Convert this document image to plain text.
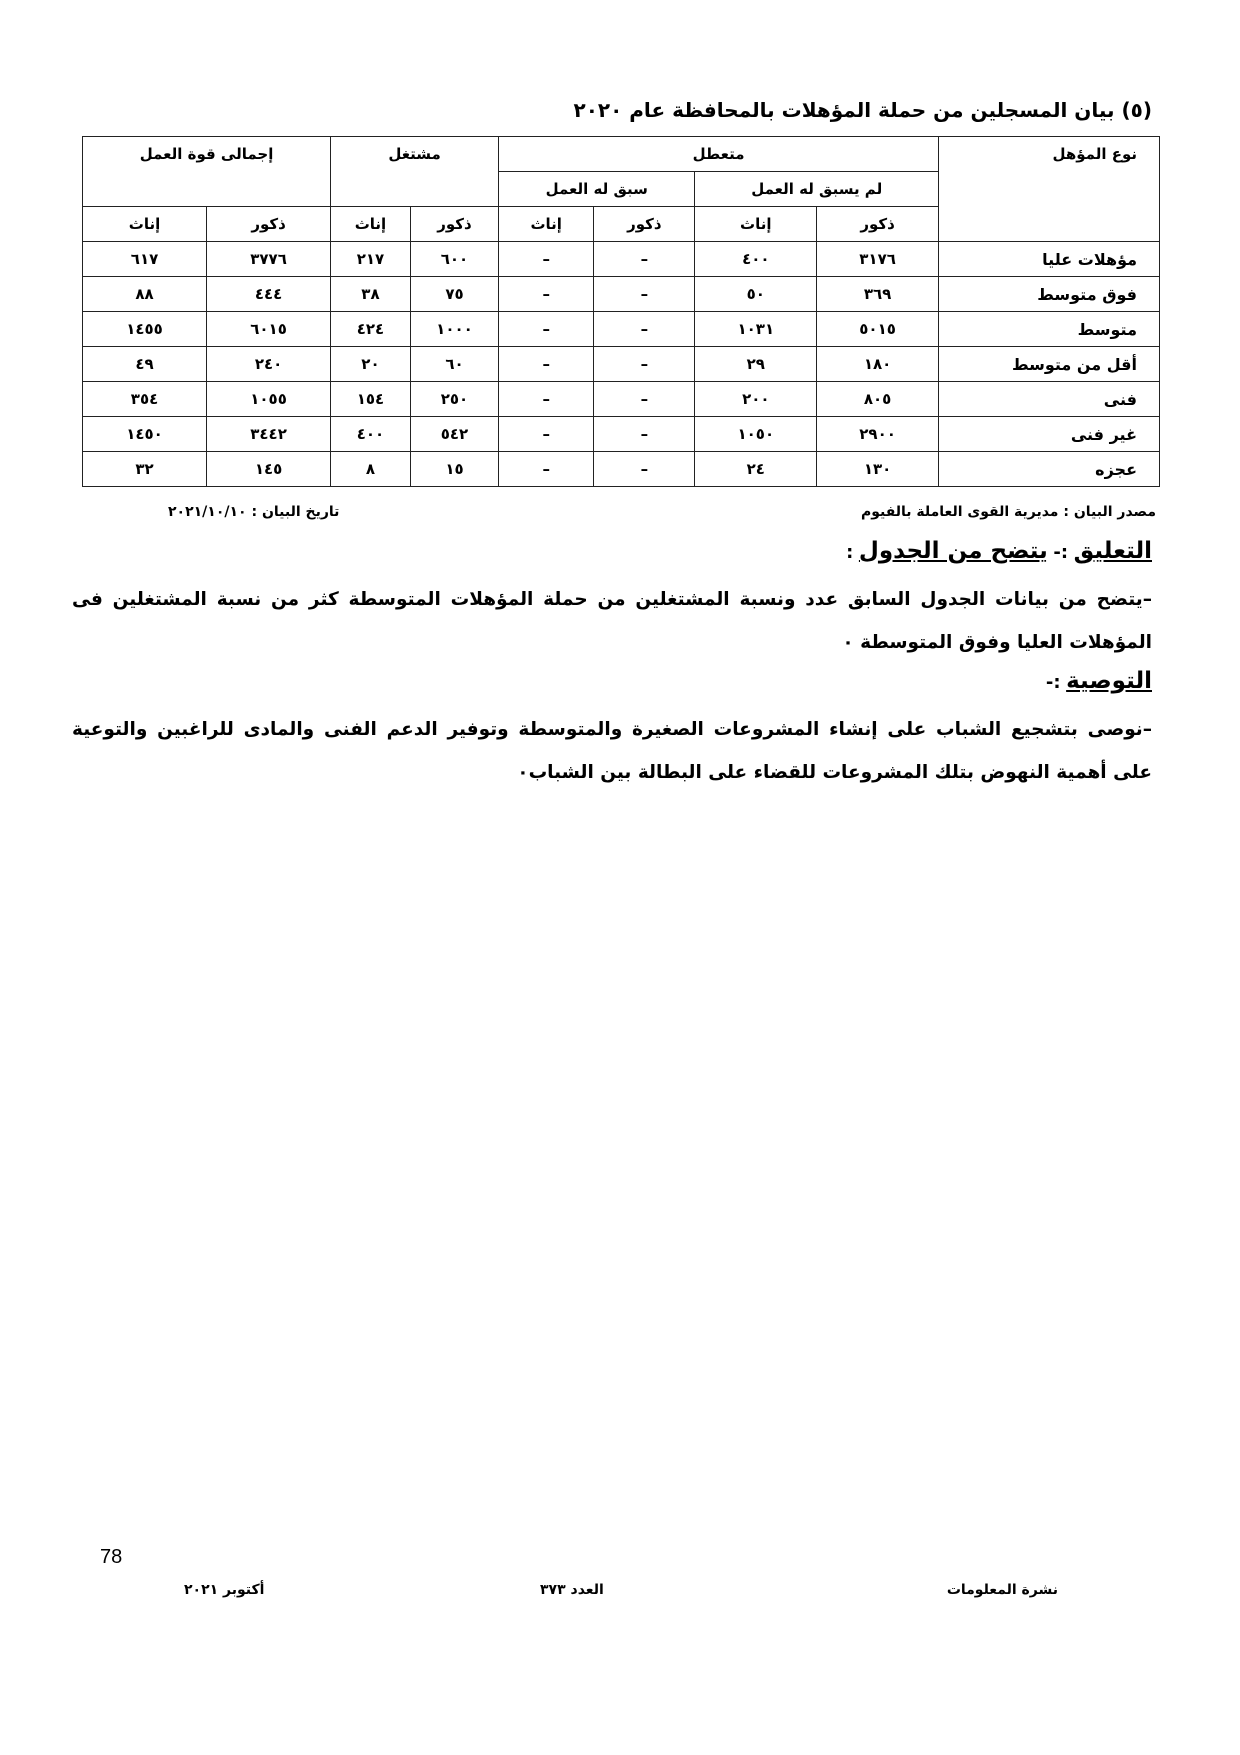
(٥) بيان المسجلين من حملة المؤهلات بالمحافظة عام ٢٠٢٠
نوع المؤهل	متعطل				مشتغل		إجمالى قوة العمل	
	لم يسبق له العمل		سبق له العمل					
	ذكور	إناث	ذكور	إناث	ذكور	إناث	ذكور	إناث
مؤهلات عليا	٣١٧٦	٤٠٠	–	–	٦٠٠	٢١٧	٣٧٧٦	٦١٧
فوق متوسط	٣٦٩	٥٠	–	–	٧٥	٣٨	٤٤٤	٨٨
متوسط	٥٠١٥	١٠٣١	–	–	١٠٠٠	٤٢٤	٦٠١٥	١٤٥٥
أقل من متوسط	١٨٠	٢٩	–	–	٦٠	٢٠	٢٤٠	٤٩
فنى	٨٠٥	٢٠٠	–	–	٢٥٠	١٥٤	١٠٥٥	٣٥٤
غير فنى	٢٩٠٠	١٠٥٠	–	–	٥٤٢	٤٠٠	٣٤٤٢	١٤٥٠
عجزه	١٣٠	٢٤	–	–	١٥	٨	١٤٥	٣٢
مصدر البيان : مديرية القوى العاملة بالفيوم
تاريخ البيان : ٢٠٢١/١٠/١٠
التعليق :- يتضح من الجدول :
–يتضح من بيانات الجدول السابق عدد ونسبة المشتغلين من حملة المؤهلات المتوسطة كثر من نسبة المشتغلين فى المؤهلات العليا وفوق المتوسطة ٠
التوصية :-
–نوصى بتشجيع الشباب على إنشاء المشروعات الصغيرة والمتوسطة وتوفير الدعم الفنى والمادى للراغبين والتوعية على أهمية النهوض بتلك المشروعات للقضاء على البطالة بين الشباب٠
78
نشرة المعلومات
العدد ٣٧٣
أكتوبر ٢٠٢١
